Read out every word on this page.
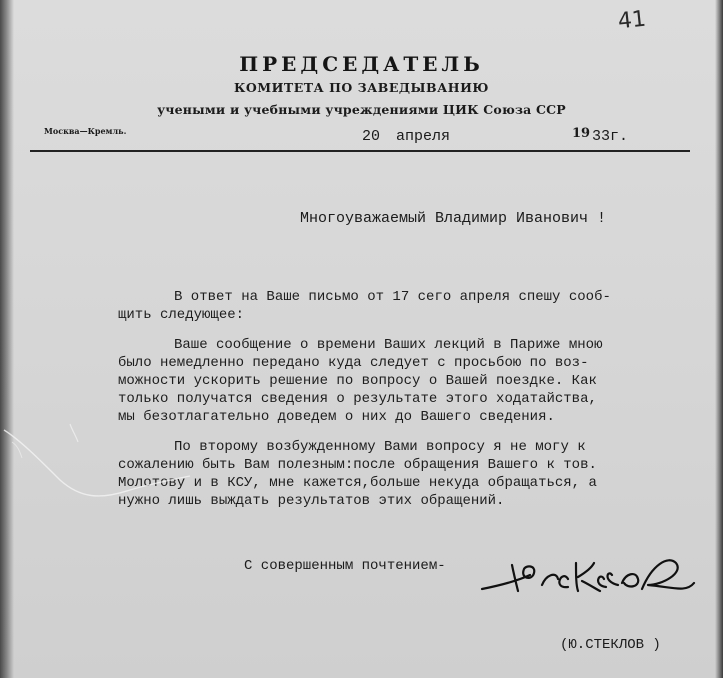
41
ПРЕДСЕДАТЕЛЬ
КОМИТЕТА ПО ЗАВЕДЫВАНИЮ
учеными и учебными учреждениями ЦИК Союза ССР
Москва—Кремль.	20 апреля	19 33г.
Многоуважаемый Владимир Иванович !
В ответ на Ваше письмо от 17 сего апреля спешу сооб-
щить следующее:
Ваше сообщение о времени Ваших лекций в Париже мною
было немедленно передано куда следует с просьбою по воз-
можности ускорить решение по вопросу о Вашей поездке. Как
только получатся сведения о результате этого ходатайства,
мы безотлагательно доведем о них до Вашего сведения.
По второму возбужденному Вами вопросу я не могу к
сожалению быть Вам полезным:после обращения Вашего к тов.
Молотову и в КСУ, мне кажется,больше некуда обращаться, а
нужно лишь выждать результатов этих обращений.
С совершенным почтением-
(Ю.СТЕКЛОВ )
